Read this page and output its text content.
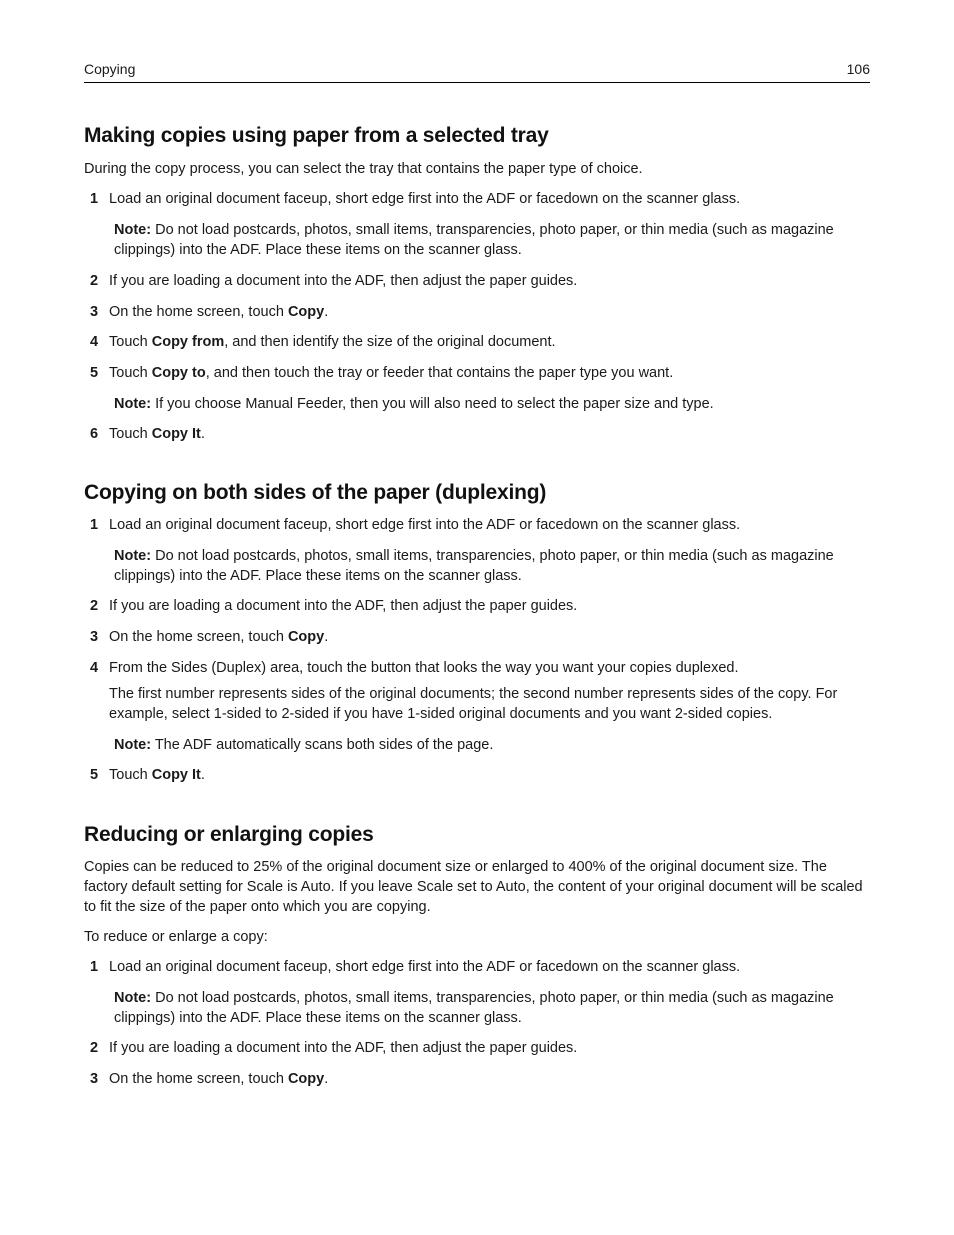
Copying	106
Making copies using paper from a selected tray

During the copy process, you can select the tray that contains the paper type of choice.

1 Load an original document faceup, short edge first into the ADF or facedown on the scanner glass.
Note: Do not load postcards, photos, small items, transparencies, photo paper, or thin media (such as magazine clippings) into the ADF. Place these items on the scanner glass.
2 If you are loading a document into the ADF, then adjust the paper guides.
3 On the home screen, touch Copy.
4 Touch Copy from, and then identify the size of the original document.
5 Touch Copy to, and then touch the tray or feeder that contains the paper type you want.
Note: If you choose Manual Feeder, then you will also need to select the paper size and type.
6 Touch Copy It.
Copying on both sides of the paper (duplexing)
1 Load an original document faceup, short edge first into the ADF or facedown on the scanner glass.
Note: Do not load postcards, photos, small items, transparencies, photo paper, or thin media (such as magazine clippings) into the ADF. Place these items on the scanner glass.
2 If you are loading a document into the ADF, then adjust the paper guides.
3 On the home screen, touch Copy.
4 From the Sides (Duplex) area, touch the button that looks the way you want your copies duplexed.
The first number represents sides of the original documents; the second number represents sides of the copy. For example, select 1-sided to 2-sided if you have 1-sided original documents and you want 2-sided copies.
Note: The ADF automatically scans both sides of the page.
5 Touch Copy It.
Reducing or enlarging copies

Copies can be reduced to 25% of the original document size or enlarged to 400% of the original document size. The factory default setting for Scale is Auto. If you leave Scale set to Auto, the content of your original document will be scaled to fit the size of the paper onto which you are copying.

To reduce or enlarge a copy:

1 Load an original document faceup, short edge first into the ADF or facedown on the scanner glass.
Note: Do not load postcards, photos, small items, transparencies, photo paper, or thin media (such as magazine clippings) into the ADF. Place these items on the scanner glass.
2 If you are loading a document into the ADF, then adjust the paper guides.
3 On the home screen, touch Copy.
